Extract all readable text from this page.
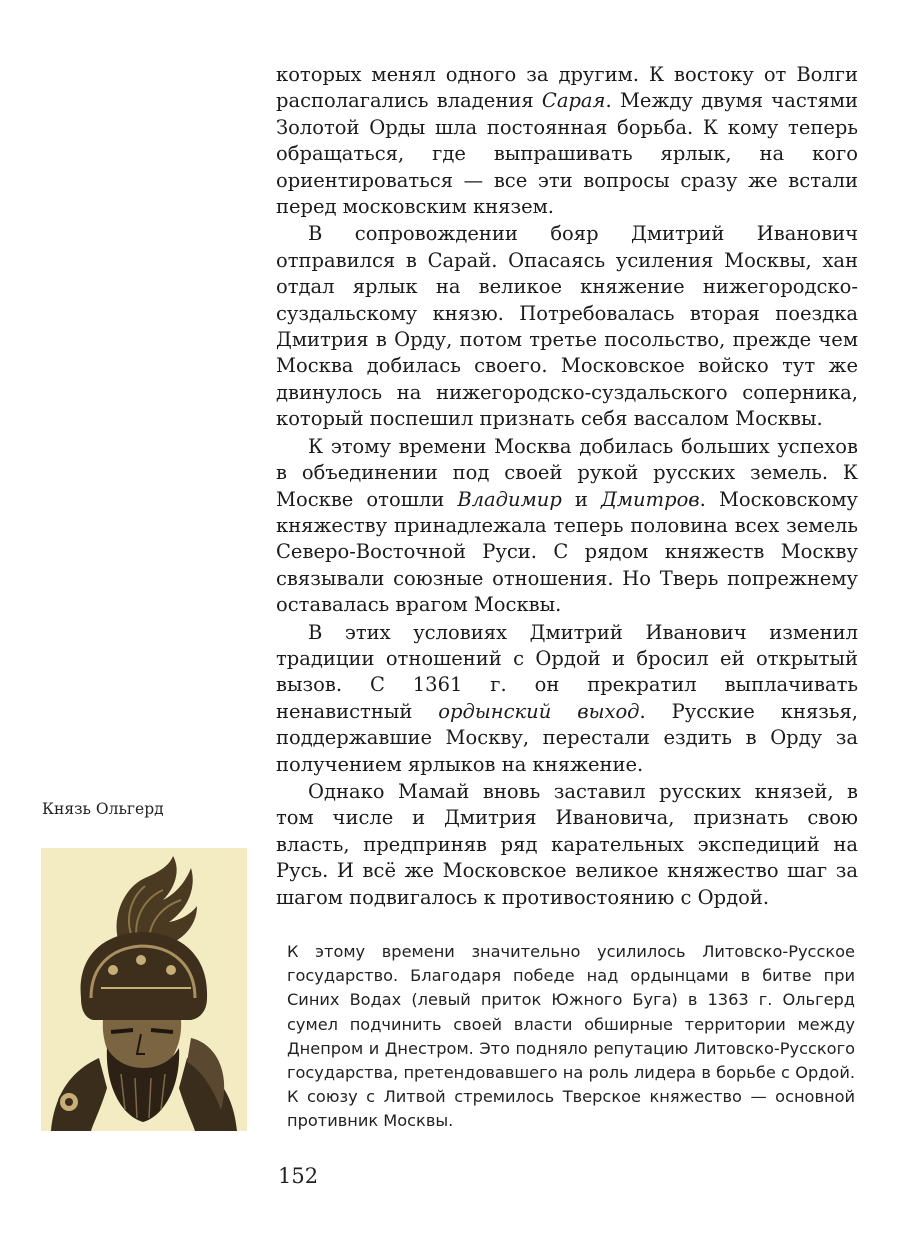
которых менял одного за другим. К востоку от Волги располагались владения Сарая. Между двумя частями Золотой Орды шла постоянная борьба. К кому теперь обращаться, где выпрашивать ярлык, на кого ориентироваться — все эти вопросы сразу же встали перед московским князем.

В сопровождении бояр Дмитрий Иванович отправился в Сарай. Опасаясь усиления Москвы, хан отдал ярлык на великое княжение нижегородско-суздальскому князю. Потребовалась вторая поездка Дмитрия в Орду, потом третье посольство, прежде чем Москва добилась своего. Московское войско тут же двинулось на нижегородско-суздальского соперника, который поспешил признать себя вассалом Москвы.

К этому времени Москва добилась больших успехов в объединении под своей рукой русских земель. К Москве отошли Владимир и Дмитров. Московскому княжеству принадлежала теперь половина всех земель Северо-Восточной Руси. С рядом княжеств Москву связывали союзные отношения. Но Тверь попрежнему оставалась врагом Москвы.

В этих условиях Дмитрий Иванович изменил традиции отношений с Ордой и бросил ей открытый вызов. С 1361 г. он прекратил выплачивать ненавистный ордынский выход. Русские князья, поддержавшие Москву, перестали ездить в Орду за получением ярлыков на княжение.

Однако Мамай вновь заставил русских князей, в том числе и Дмитрия Ивановича, признать свою власть, предприняв ряд карательных экспедиций на Русь. И всё же Московское великое княжество шаг за шагом подвигалось к противостоянию с Ордой.

Князь Ольгерд
К этому времени значительно усилилось Литовско-Русское государство. Благодаря победе над ордынцами в битве при Синих Водах (левый приток Южного Буга) в 1363 г. Ольгерд сумел подчинить своей власти обширные территории между Днепром и Днестром. Это подняло репутацию Литовско-Русского государства, претендовавшего на роль лидера в борьбе с Ордой. К союзу с Литвой стремилось Тверское княжество — основной противник Москвы.
152
